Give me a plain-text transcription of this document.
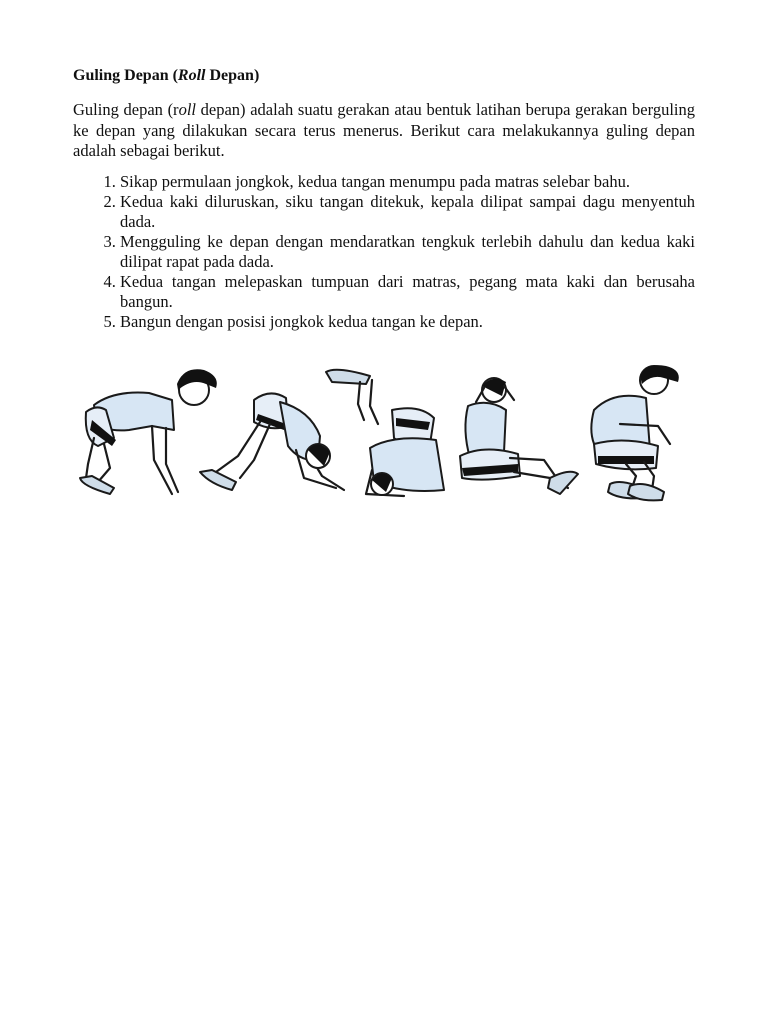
Guling Depan (Roll Depan)

Guling depan (roll depan) adalah suatu gerakan atau bentuk latihan berupa gerakan berguling ke depan yang dilakukan secara terus menerus. Berikut cara melakukannya guling depan adalah sebagai berikut.

1. Sikap permulaan jongkok, kedua tangan menumpu pada matras selebar bahu.
2. Kedua kaki diluruskan, siku tangan ditekuk, kepala dilipat sampai dagu menyentuh dada.
3. Mengguling ke depan dengan mendaratkan tengkuk terlebih dahulu dan kedua kaki dilipat rapat pada dada.
4. Kedua tangan melepaskan tumpuan dari matras, pegang mata kaki dan berusaha bangun.
5. Bangun dengan posisi jongkok kedua tangan ke depan.
